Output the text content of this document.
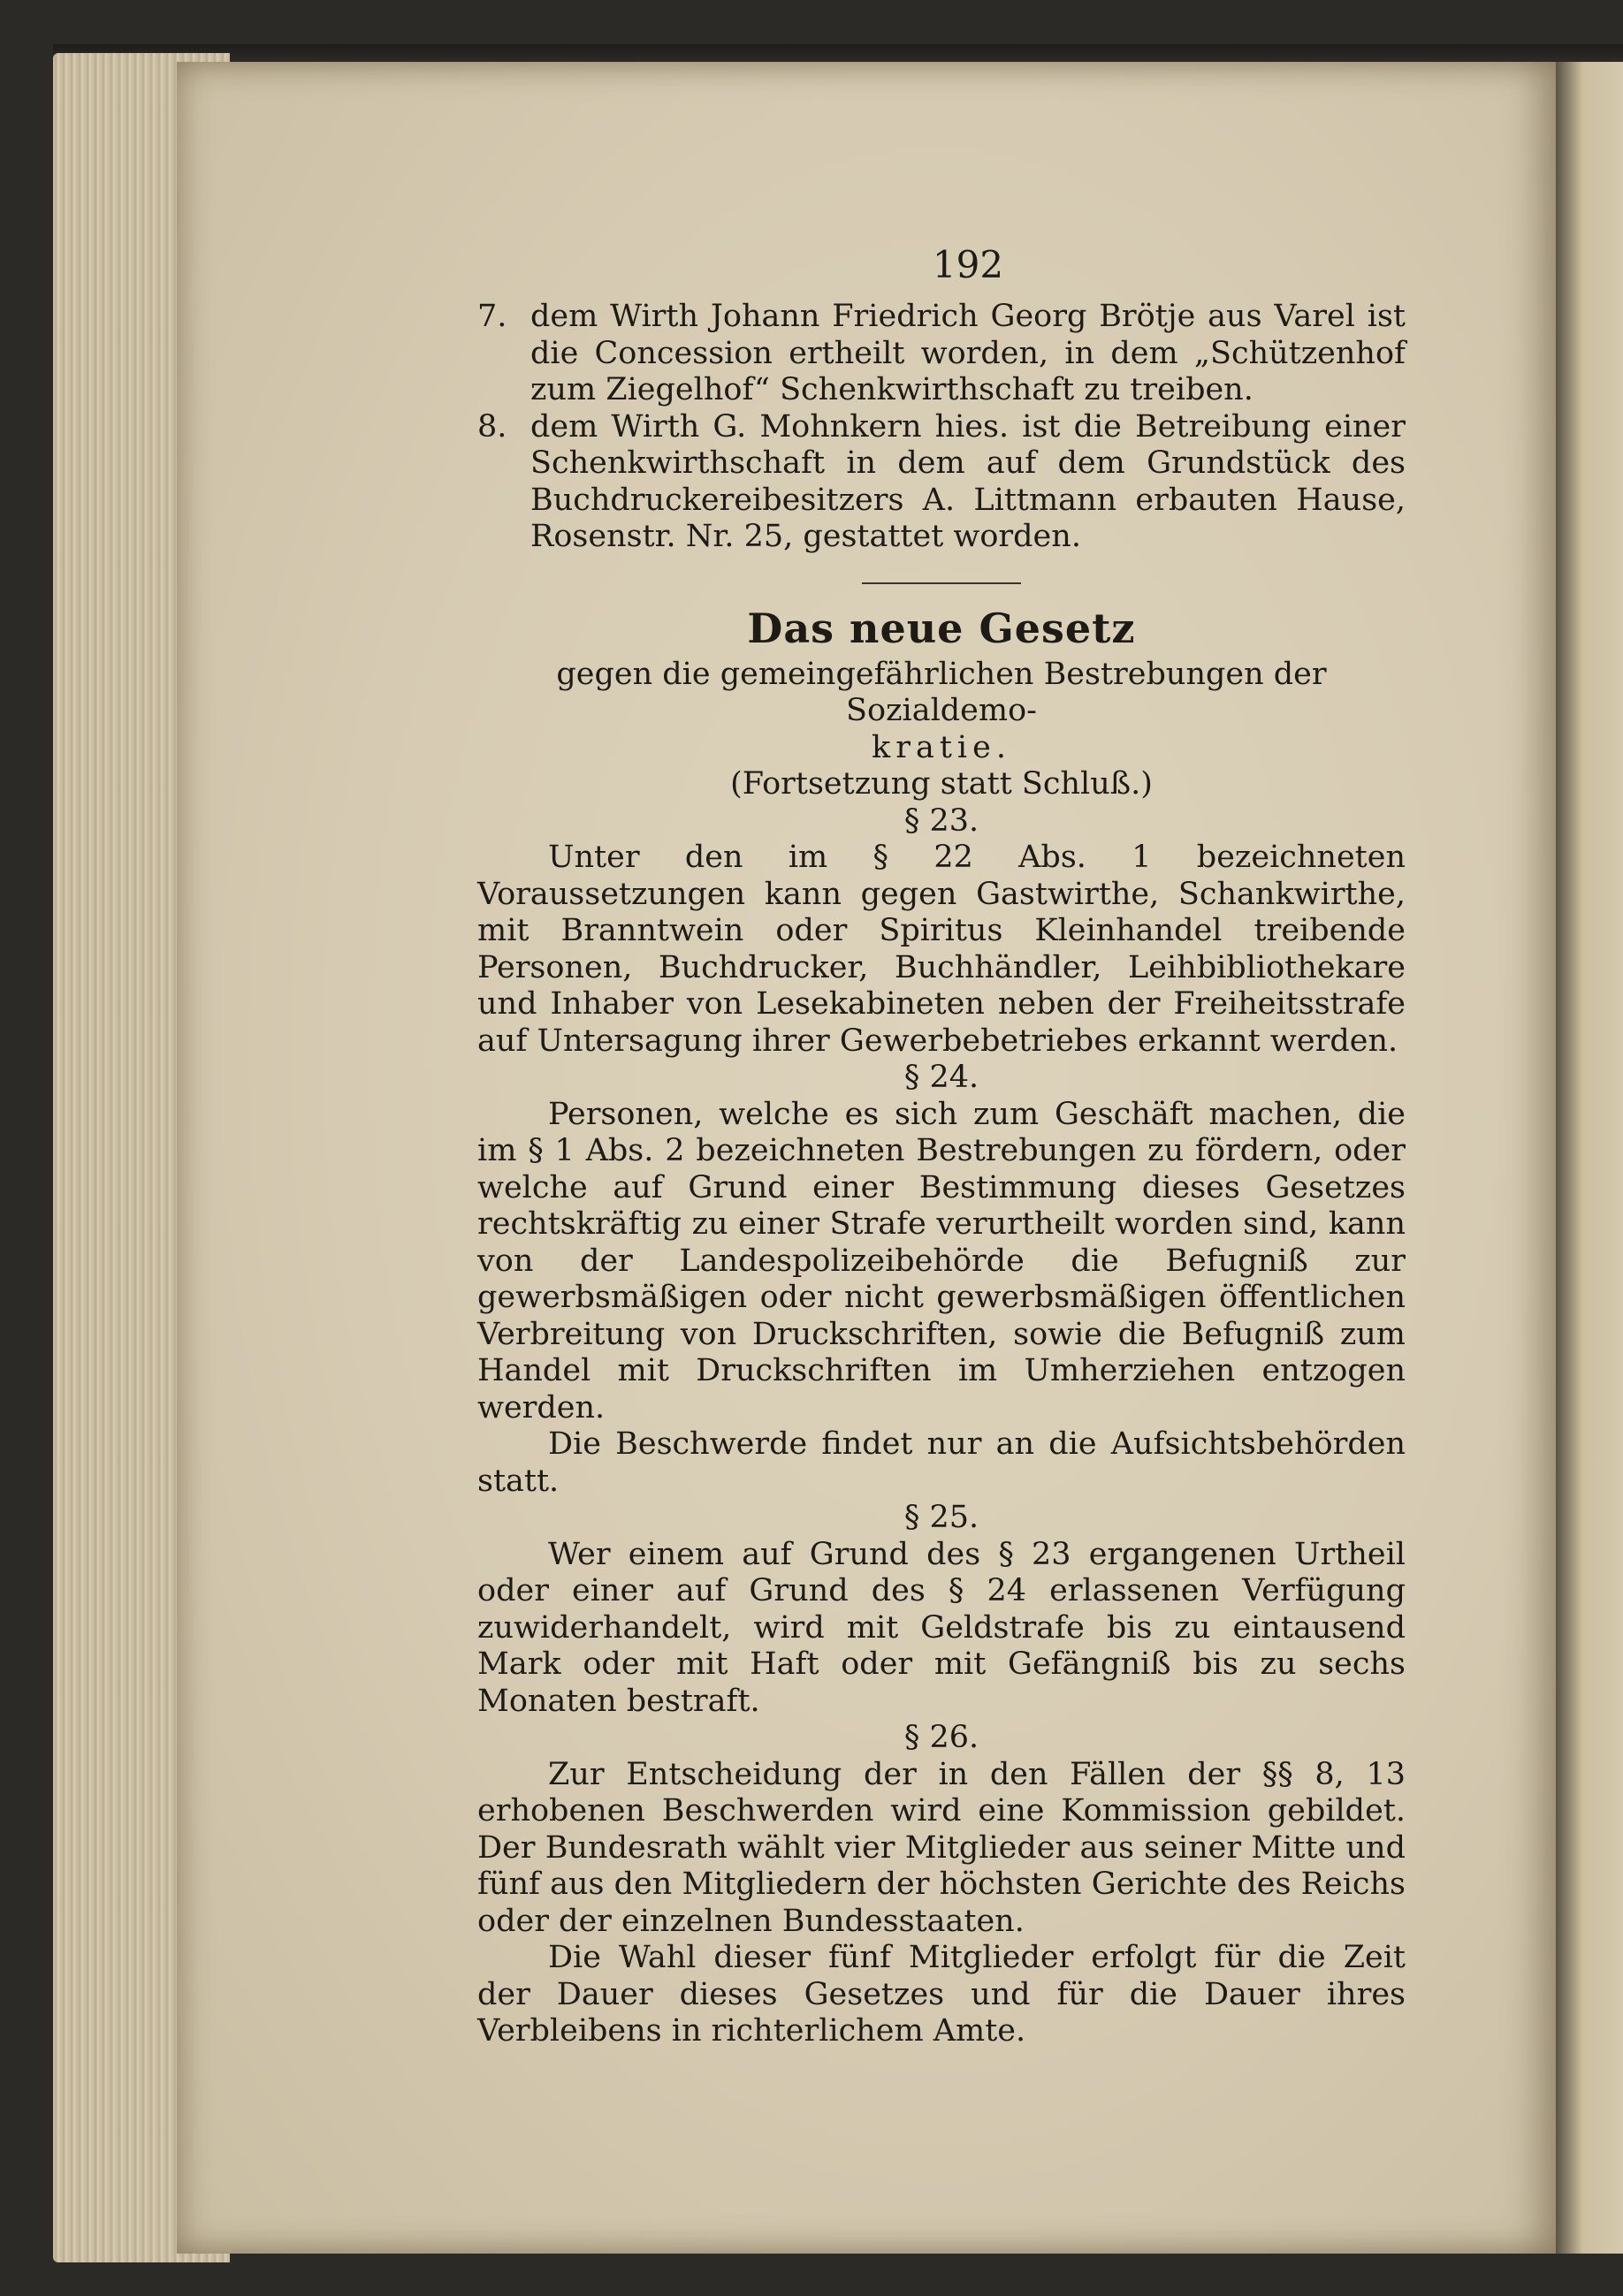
192
7. dem Wirth Johann Friedrich Georg Brötje aus Varel ist die Concession ertheilt worden, in dem „Schützenhof zum Ziegelhof“ Schenkwirthschaft zu treiben.
8. dem Wirth G. Mohnkern hies. ist die Betreibung einer Schenkwirthschaft in dem auf dem Grundstück des Buchdruckereibesitzers A. Littmann erbauten Hause, Rosenstr. Nr. 25, gestattet worden.
Das neue Gesetz
gegen die gemeingefährlichen Bestrebungen der Sozialdemo-
kratie.
(Fortsetzung statt Schluß.)
§ 23.

Unter den im § 22 Abs. 1 bezeichneten Voraussetzungen kann gegen Gastwirthe, Schankwirthe, mit Branntwein oder Spiritus Kleinhandel treibende Personen, Buchdrucker, Buchhändler, Leihbibliothekare und Inhaber von Lesekabineten neben der Freiheitsstrafe auf Untersagung ihrer Gewerbebetriebes erkannt werden.

§ 24.

Personen, welche es sich zum Geschäft machen, die im § 1 Abs. 2 bezeichneten Bestrebungen zu fördern, oder welche auf Grund einer Bestimmung dieses Gesetzes rechtskräftig zu einer Strafe verurtheilt worden sind, kann von der Landespolizeibehörde die Befugniß zur gewerbsmäßigen oder nicht gewerbsmäßigen öffentlichen Verbreitung von Druckschriften, sowie die Befugniß zum Handel mit Druckschriften im Umherziehen entzogen werden.

Die Beschwerde findet nur an die Aufsichtsbehörden statt.

§ 25.

Wer einem auf Grund des § 23 ergangenen Urtheil oder einer auf Grund des § 24 erlassenen Verfügung zuwiderhandelt, wird mit Geldstrafe bis zu eintausend Mark oder mit Haft oder mit Gefängniß bis zu sechs Monaten bestraft.

§ 26.

Zur Entscheidung der in den Fällen der §§ 8, 13 erhobenen Beschwerden wird eine Kommission gebildet. Der Bundesrath wählt vier Mitglieder aus seiner Mitte und fünf aus den Mitgliedern der höchsten Gerichte des Reichs oder der einzelnen Bundesstaaten.

Die Wahl dieser fünf Mitglieder erfolgt für die Zeit der Dauer dieses Gesetzes und für die Dauer ihres Verbleibens in richterlichem Amte.
